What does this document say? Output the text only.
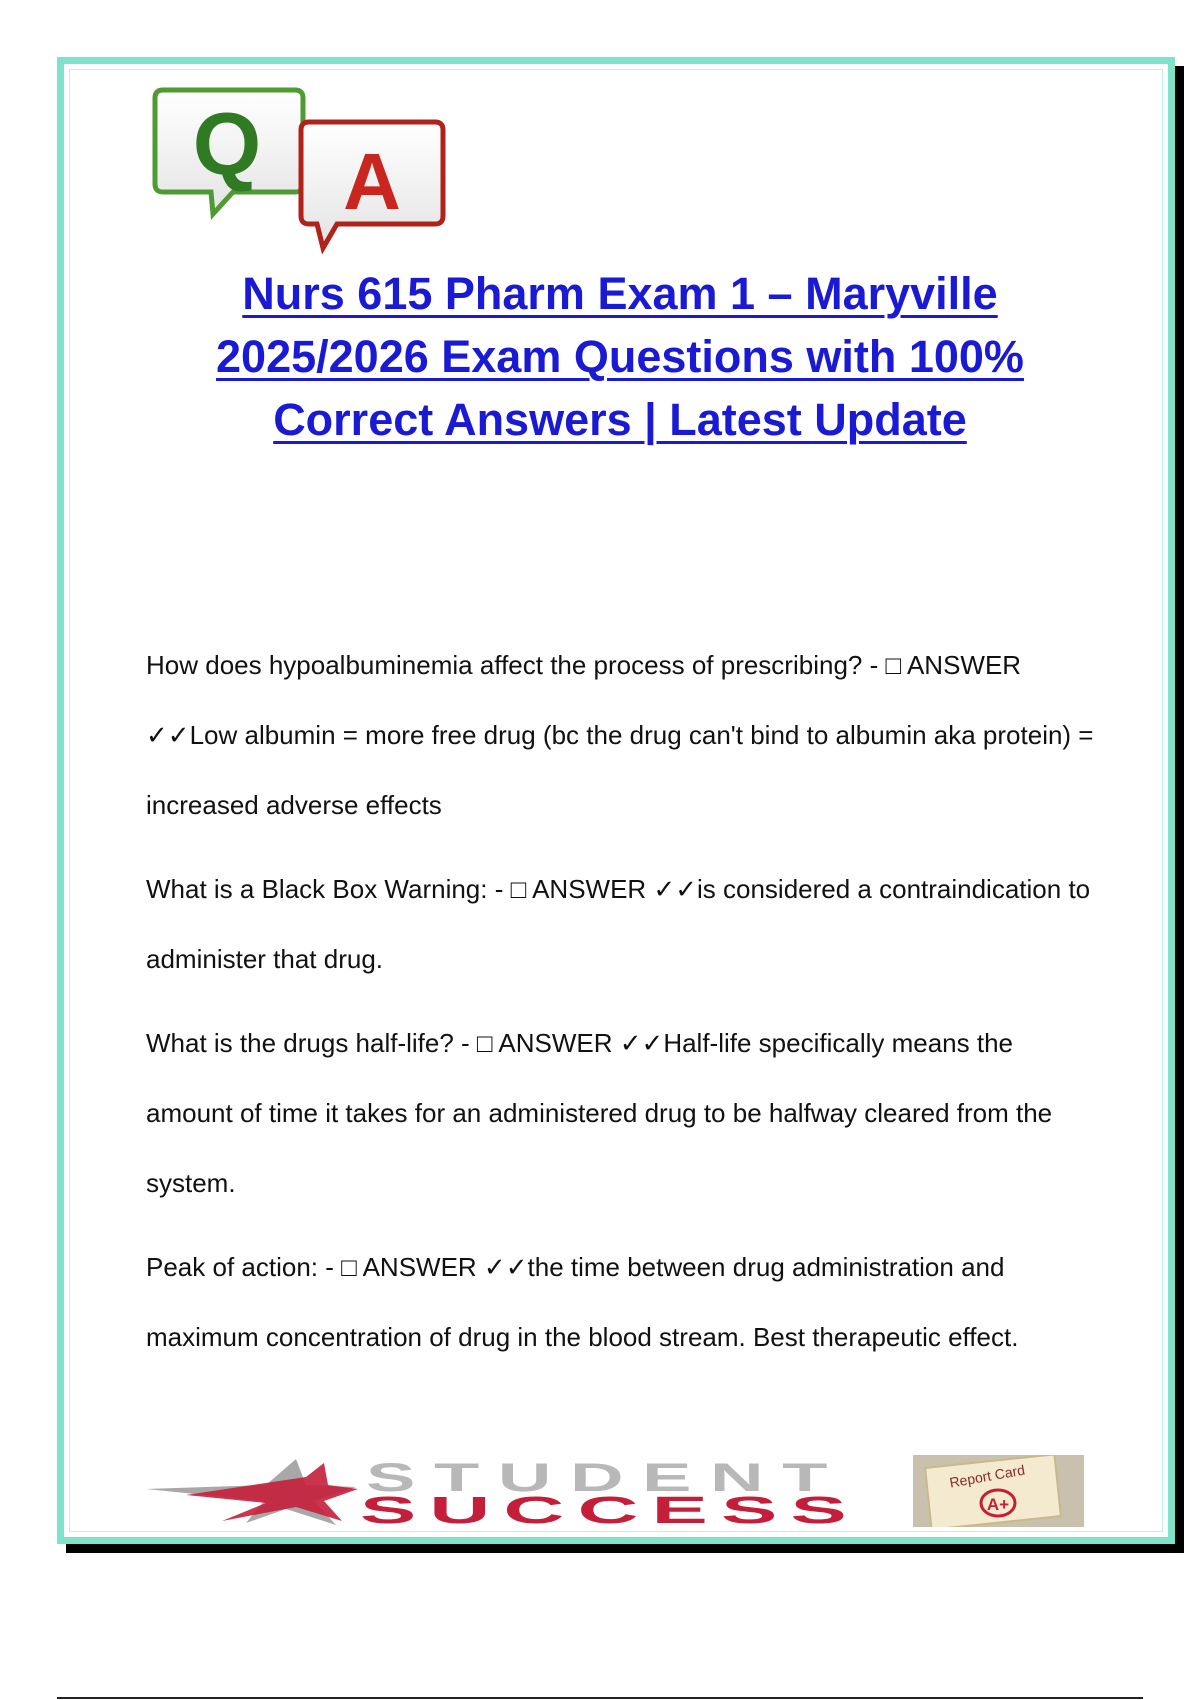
Q A
Nurs 615 Pharm Exam 1 – Maryville 2025/2026 Exam Questions with 100% Correct Answers | Latest Update

How does hypoalbuminemia affect the process of prescribing? - □ ANSWER ✓✓Low albumin = more free drug (bc the drug can't bind to albumin aka protein) = increased adverse effects

What is a Black Box Warning: - □ ANSWER ✓✓is considered a contraindication to administer that drug.

What is the drugs half-life? - □ ANSWER ✓✓Half-life specifically means the amount of time it takes for an administered drug to be halfway cleared from the system.

Peak of action: - □ ANSWER ✓✓the time between drug administration and maximum concentration of drug in the blood stream. Best therapeutic effect.

STUDENT
SUCCESS
Report Card
A+
